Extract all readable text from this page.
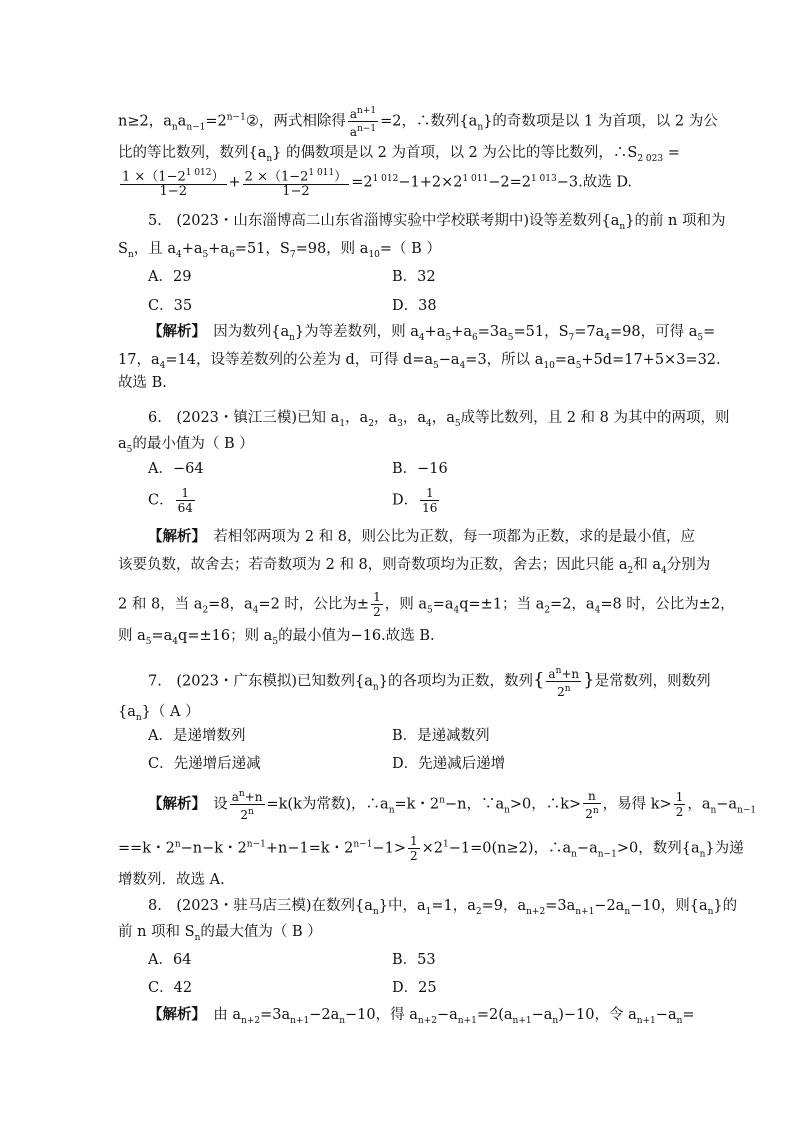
n≥2，$a_na_{n-1}=2^{n-1}②$，两式相除得 $\frac{a^{n+1}}{a^{n-1}} =2$，∴数列$\{a_n\}$的奇数项是以 1 为首项，以 2 为公
比的等比数列，数列$\{a_n\}$ 的偶数项是以 2 为首项，以 2 为公比的等比数列，$\therefore S_{2 023}$ =
$\frac{1 \times(1-2^{1 012})}{1-2} + \frac{2 \times(1-2^{1 011})}{1-2} =2^{1 012}-1+2\times 2^{1 011}-2=2^{1 013}-3$.故选 D.
5.　(2023・山东淄博高二山东省淄博实验中学校联考期中)设等差数列$\{a_n\}$的前 n 项和为
$S_n$，且 $a_4+a_5+a_6=51$，$S_7=98$，则 $a_{10}=$（ B ）
A．29	B．32
C．35	D．38
【解析】　因为数列$\{a_n\}$为等差数列，则 $a_4+a_5+a_6=3a_5=51$，$S_7=7a_4=98$，可得 $a_5=$
17，$a_4=14$，设等差数列的公差为 d，可得 $d=a_5-a_4=3$，所以 $a_{10}=a_5+5d=17+5\times 3=32$.
故选 B.
6.　(2023・镇江三模)已知 $a_1$，$a_2$，$a_3$，$a_4$，$a_5$成等比数列，且 2 和 8 为其中的两项，则
$a_5$的最小值为（ B ）
A．−64	B．−16
C． $\frac{1}{64}$	D． $\frac{1}{16}$
【解析】　若相邻两项为 2 和 8，则公比为正数，每一项都为正数，求的是最小值，应
该要负数，故舍去；若奇数项为 2 和 8，则奇数项均为正数，舍去；因此只能 $a_2$和 $a_4$分别为
2 和 8，当 $a_2=8$，$a_4=2$ 时，公比为± $\frac{1}{2}$ ，则 $a_5=a_4q=\pm 1$；当 $a_2=2$，$a_4=8$ 时，公比为±2，
则 $a_5=a_4q=\pm 16$；则 $a_5$的最小值为−16.故选 B.
7.　(2023・广东模拟)已知数列$\{a_n\}$的各项均为正数，数列{ $\frac{a^n+n}{2^n}$ }是常数列，则数列
$\{a_n\}$（ A ）
A．是递增数列	B．是递减数列
C．先递增后递减	D．先递减后递增
【解析】　设 $\frac{a^n+n}{2^n} =k(k$为常数)，$\therefore a_n=k$・$2^n-n$，$\because a_n>0$，∴k> $\frac{n}{2^n}$ ，易得 $k> \frac{1}{2}$ ，$a_n-a_{n-1}$
==k・$2^n-n-k$・$2^{n-1}+n-1=k$・$2^{n-1}-1> \frac{1}{2} \times 2^1-1=0(n\ge 2)$，$\therefore a_n-a_{n-1}>0$，数列$\{a_n\}$为递
增数列．故选 A.
8.　(2023・驻马店三模)在数列$\{a_n\}$中，$a_1=1$，$a_2=9$，$a_{n+2}=3a_{n+1}-2a_n-10$，则$\{a_n\}$的
前 n 项和 $S_n$的最大值为（ B ）
A．64	B．53
C．42	D．25
【解析】　由 $a_{n+2}=3a_{n+1}-2a_n-10$，得 $a_{n+2}-a_{n+1}=2(a_{n+1}-a_n)-10$，令 $a_{n+1}-a_n=$
